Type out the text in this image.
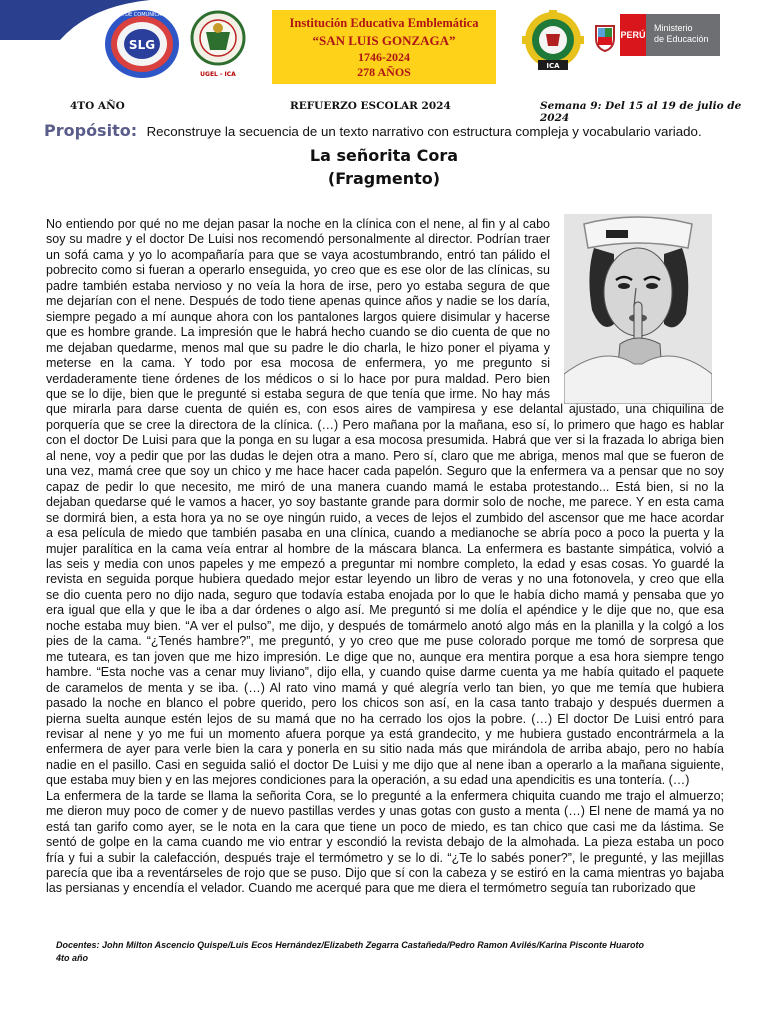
SLG
ÁREA DE COMUNICACIÓN
UGEL - ICA
Institución Educativa Emblemática
“SAN LUIS GONZAGA”
1746-2024
278 AÑOS	ICA
PERÚ
Ministerio
de Educación
4TO AÑO	REFUERZO ESCOLAR 2024	Semana 9: Del 15 al 19 de julio de 2024
Propósito: Reconstruye la secuencia de un texto narrativo con estructura compleja y vocabulario variado.
La señorita Cora
(Fragmento)
No entiendo por qué no me dejan pasar la noche en la clínica con el nene, al fin y al cabo
soy su madre y el doctor De Luisi nos recomendó personalmente al director. Podrían traer
un sofá cama y yo lo acompañaría para que se vaya acostumbrando, entró tan pálido el
pobrecito como si fueran a operarlo enseguida, yo creo que es ese olor de las clínicas, su
padre también estaba nervioso y no veía la hora de irse, pero yo estaba segura de que
me dejarían con el nene. Después de todo tiene apenas quince años y nadie se los daría,
siempre pegado a mí aunque ahora con los pantalones largos quiere disimular y hacerse
que es hombre grande. La impresión que le habrá hecho cuando se dio cuenta de que no
me dejaban quedarme, menos mal que su padre le dio charla, le hizo poner el piyama y
meterse en la cama. Y todo por esa mocosa de enfermera, yo me pregunto si
verdaderamente tiene órdenes de los médicos o si lo hace por pura maldad. Pero bien
que se lo dije, bien que le pregunté si estaba segura de que tenía que irme. No hay más
que mirarla para darse cuenta de quién es, con esos aires de vampiresa y ese delantal ajustado, una chiquilina de
porquería que se cree la directora de la clínica. (…) Pero mañana por la mañana, eso sí, lo primero que hago es hablar
con el doctor De Luisi para que la ponga en su lugar a esa mocosa presumida. Habrá que ver si la frazada lo abriga bien
al nene, voy a pedir que por las dudas le dejen otra a mano. Pero sí, claro que me abriga, menos mal que se fueron de
una vez, mamá cree que soy un chico y me hace hacer cada papelón. Seguro que la enfermera va a pensar que no soy
capaz de pedir lo que necesito, me miró de una manera cuando mamá le estaba protestando... Está bien, si no la
dejaban quedarse qué le vamos a hacer, yo soy bastante grande para dormir solo de noche, me parece. Y en esta cama
se dormirá bien, a esta hora ya no se oye ningún ruido, a veces de lejos el zumbido del ascensor que me hace acordar
a esa película de miedo que también pasaba en una clínica, cuando a medianoche se abría poco a poco la puerta y la
mujer paralítica en la cama veía entrar al hombre de la máscara blanca. La enfermera es bastante simpática, volvió a
las seis y media con unos papeles y me empezó a preguntar mi nombre completo, la edad y esas cosas. Yo guardé la
revista en seguida porque hubiera quedado mejor estar leyendo un libro de veras y no una fotonovela, y creo que ella
se dio cuenta pero no dijo nada, seguro que todavía estaba enojada por lo que le había dicho mamá y pensaba que yo
era igual que ella y que le iba a dar órdenes o algo así. Me preguntó si me dolía el apéndice y le dije que no, que esa
noche estaba muy bien. “A ver el pulso”, me dijo, y después de tomármelo anotó algo más en la planilla y la colgó a los
pies de la cama. “¿Tenés hambre?”, me preguntó, y yo creo que me puse colorado porque me tomó de sorpresa que
me tuteara, es tan joven que me hizo impresión. Le dige que no, aunque era mentira porque a esa hora siempre tengo
hambre. “Esta noche vas a cenar muy liviano”, dijo ella, y cuando quise darme cuenta ya me había quitado el paquete
de caramelos de menta y se iba. (…) Al rato vino mamá y qué alegría verlo tan bien, yo que me temía que hubiera
pasado la noche en blanco el pobre querido, pero los chicos son así, en la casa tanto trabajo y después duermen a
pierna suelta aunque estén lejos de su mamá que no ha cerrado los ojos la pobre. (…) El doctor De Luisi entró para
revisar al nene y yo me fui un momento afuera porque ya está grandecito, y me hubiera gustado encontrármela a la
enfermera de ayer para verle bien la cara y ponerla en su sitio nada más que mirándola de arriba abajo, pero no había
nadie en el pasillo. Casi en seguida salió el doctor De Luisi y me dijo que al nene iban a operarlo a la mañana siguiente,
que estaba muy bien y en las mejores condiciones para la operación, a su edad una apendicitis es una tontería. (…)
La enfermera de la tarde se llama la señorita Cora, se lo pregunté a la enfermera chiquita cuando me trajo el almuerzo;
me dieron muy poco de comer y de nuevo pastillas verdes y unas gotas con gusto a menta (…) El nene de mamá ya no
está tan garifo como ayer, se le nota en la cara que tiene un poco de miedo, es tan chico que casi me da lástima. Se
sentó de golpe en la cama cuando me vio entrar y escondió la revista debajo de la almohada. La pieza estaba un poco
fría y fui a subir la calefacción, después traje el termómetro y se lo di. “¿Te lo sabés poner?”, le pregunté, y las mejillas
parecía que iba a reventárseles de rojo que se puso. Dijo que sí con la cabeza y se estiró en la cama mientras yo bajaba
las persianas y encendía el velador. Cuando me acerqué para que me diera el termómetro seguía tan ruborizado que
Docentes: John Milton Ascencio Quispe/Luis Ecos Hernández/Elizabeth Zegarra Castañeda/Pedro Ramon Avilés/Karina Piscontе Huaroto
4to año
